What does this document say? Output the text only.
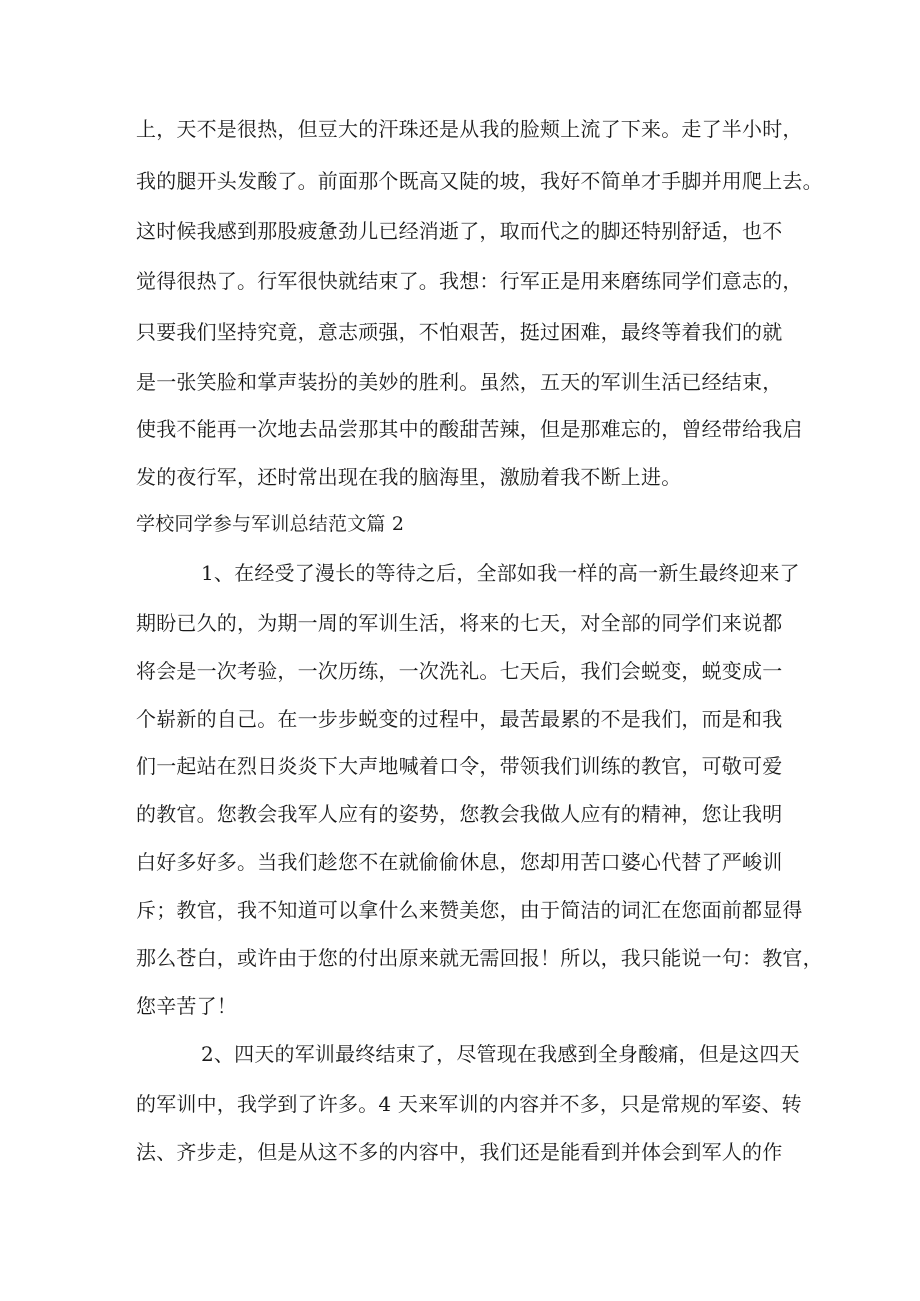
上，天不是很热，但豆大的汗珠还是从我的脸颊上流了下来。走了半小时，
我的腿开头发酸了。前面那个既高又陡的坡，我好不简单才手脚并用爬上去。
这时候我感到那股疲惫劲儿已经消逝了，取而代之的脚还特别舒适，也不
觉得很热了。行军很快就结束了。我想：行军正是用来磨练同学们意志的，
只要我们坚持究竟，意志顽强，不怕艰苦，挺过困难，最终等着我们的就
是一张笑脸和掌声装扮的美妙的胜利。虽然，五天的军训生活已经结束，
使我不能再一次地去品尝那其中的酸甜苦辣，但是那难忘的，曾经带给我启
发的夜行军，还时常出现在我的脑海里，激励着我不断上进。
学校同学参与军训总结范文篇 2
1、在经受了漫长的等待之后，全部如我一样的高一新生最终迎来了
期盼已久的，为期一周的军训生活，将来的七天，对全部的同学们来说都
将会是一次考验，一次历练，一次洗礼。七天后，我们会蜕变，蜕变成一
个崭新的自己。在一步步蜕变的过程中，最苦最累的不是我们，而是和我
们一起站在烈日炎炎下大声地喊着口令，带领我们训练的教官，可敬可爱
的教官。您教会我军人应有的姿势，您教会我做人应有的精神，您让我明
白好多好多。当我们趁您不在就偷偷休息，您却用苦口婆心代替了严峻训
斥；教官，我不知道可以拿什么来赞美您，由于简洁的词汇在您面前都显得
那么苍白，或许由于您的付出原来就无需回报！所以，我只能说一句：教官，
您辛苦了！
2、四天的军训最终结束了，尽管现在我感到全身酸痛，但是这四天
的军训中，我学到了许多。4 天来军训的内容并不多，只是常规的军姿、转
法、齐步走，但是从这不多的内容中，我们还是能看到并体会到军人的作
